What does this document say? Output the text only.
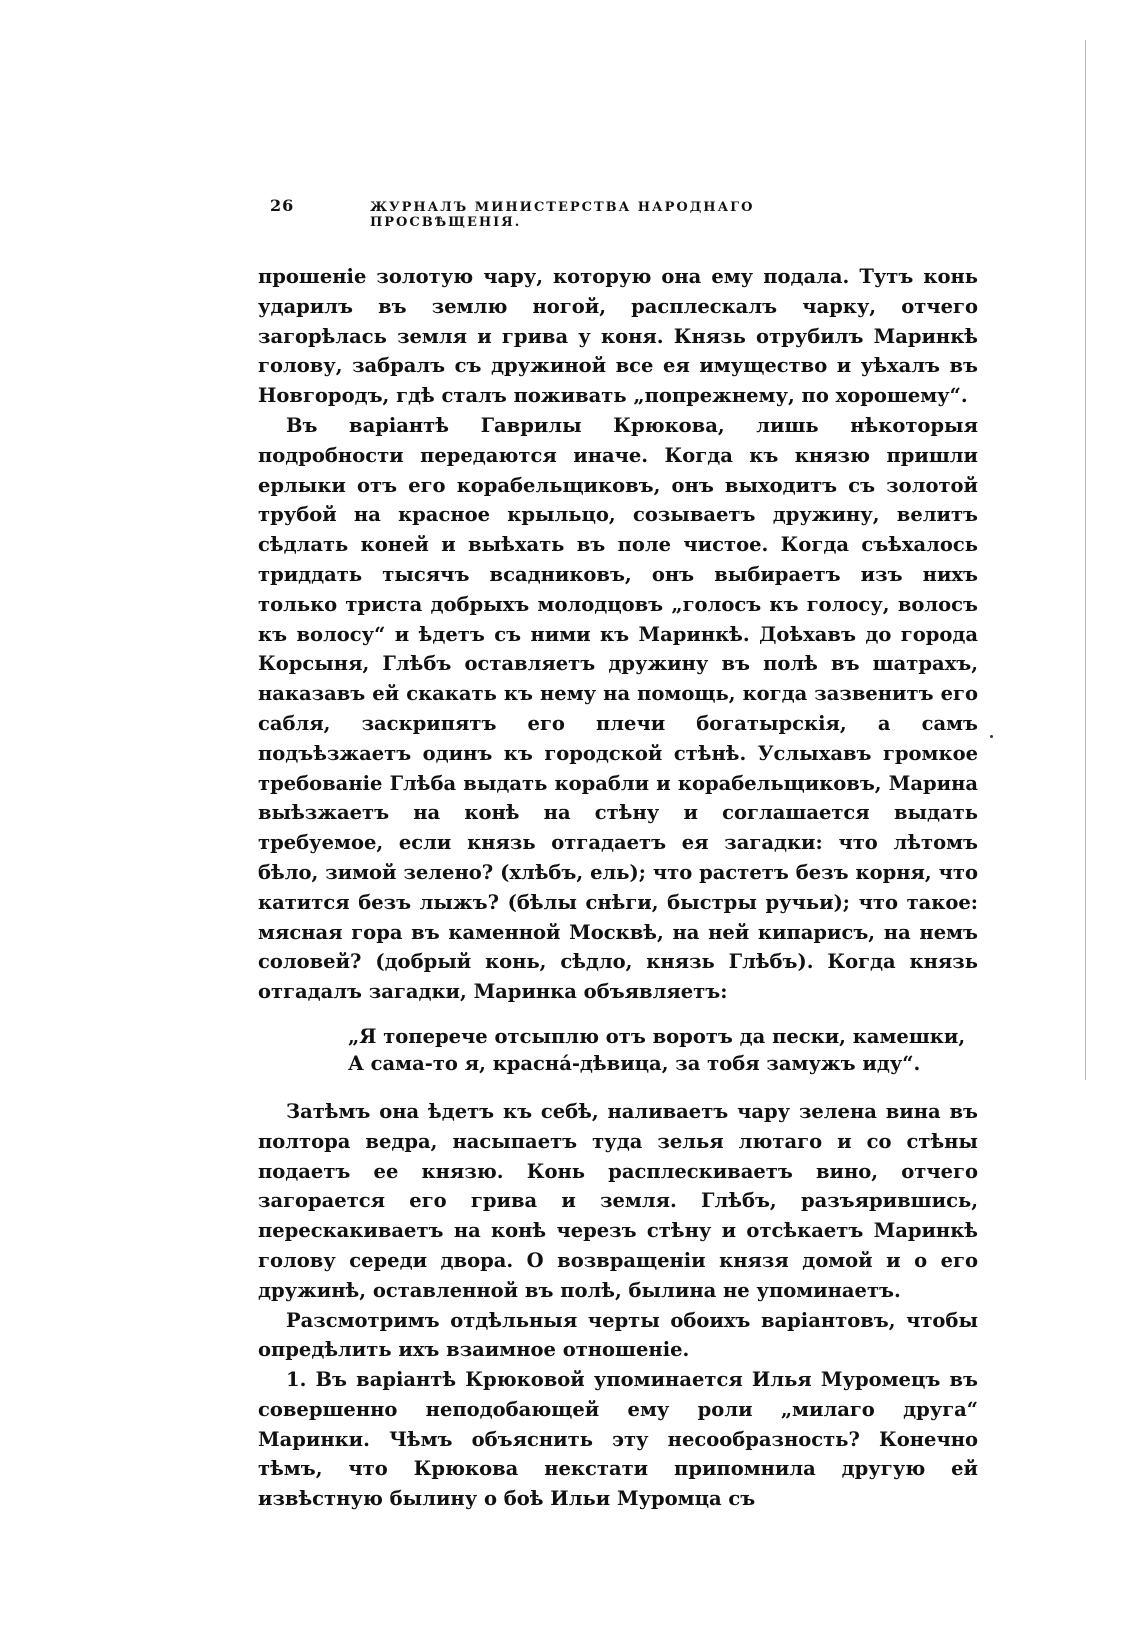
26	ЖУРНАЛЪ МИНИСТЕРСТВА НАРОДНАГО ПРОСВѢЩЕНІЯ.

прошеніе золотую чару, которую она ему подала. Тутъ конь ударилъ въ землю ногой, расплескалъ чарку, отчего загорѣлась земля и грива у коня. Князь отрубилъ Маринкѣ голову, забралъ съ дружиной все ея имущество и уѣхалъ въ Новгородъ, гдѣ сталъ поживать „попрежнему, по хорошему“.

Въ варіантѣ Гаврилы Крюкова, лишь нѣкоторыя подробности передаются иначе. Когда къ князю пришли ерлыки отъ его корабельщиковъ, онъ выходитъ съ золотой трубой на красное крыльцо, созываетъ дружину, велитъ сѣдлать коней и выѣхать въ поле чистое. Когда съѣхалось триддать тысячъ всадниковъ, онъ выбираетъ изъ нихъ только триста добрыхъ молодцовъ „голосъ къ голосу, волосъ къ волосу“ и ѣдетъ съ ними къ Маринкѣ. Доѣхавъ до города Корсыня, Глѣбъ оставляетъ дружину въ полѣ въ шатрахъ, наказавъ ей скакать къ нему на помощь, когда зазвенитъ его сабля, заскрипятъ его плечи богатырскія, а самъ подъѣзжаетъ одинъ къ городской стѣнѣ. Услыхавъ громкое требованіе Глѣба выдать корабли и корабельщиковъ, Марина выѣзжаетъ на конѣ на стѣну и соглашается выдать требуемое, если князь отгадаетъ ея загадки: что лѣтомъ бѣло, зимой зелено? (хлѣбъ, ель); что растетъ безъ корня, что катится безъ лыжъ? (бѣлы снѣги, быстры ручьи); что такое: мясная гора въ каменной Москвѣ, на ней кипарисъ, на немъ соловей? (добрый конь, сѣдло, князь Глѣбъ). Когда князь отгадалъ загадки, Маринка объявляетъ:

„Я топерече отсыплю отъ воротъ да пески, камешки,
А сама-то я, красна́-дѣвица, за тобя замужъ иду“.

Затѣмъ она ѣдетъ къ себѣ, наливаетъ чару зелена вина въ полтора ведра, насыпаетъ туда зелья лютаго и со стѣны подаетъ ее князю. Конь расплескиваетъ вино, отчего загорается его грива и земля. Глѣбъ, разъярившись, перескакиваетъ на конѣ черезъ стѣну и отсѣкаетъ Маринкѣ голову середи двора. О возвращеніи князя домой и о его дружинѣ, оставленной въ полѣ, былина не упоминаетъ.

Разсмотримъ отдѣльныя черты обоихъ варіантовъ, чтобы опредѣлить ихъ взаимное отношеніе.

1. Въ варіантѣ Крюковой упоминается Илья Муромецъ въ совершенно неподобающей ему роли „милаго друга“ Маринки. Чѣмъ объяснить эту несообразность? Конечно тѣмъ, что Крюкова некстати припомнила другую ей извѣстную былину о боѣ Ильи Муромца съ
